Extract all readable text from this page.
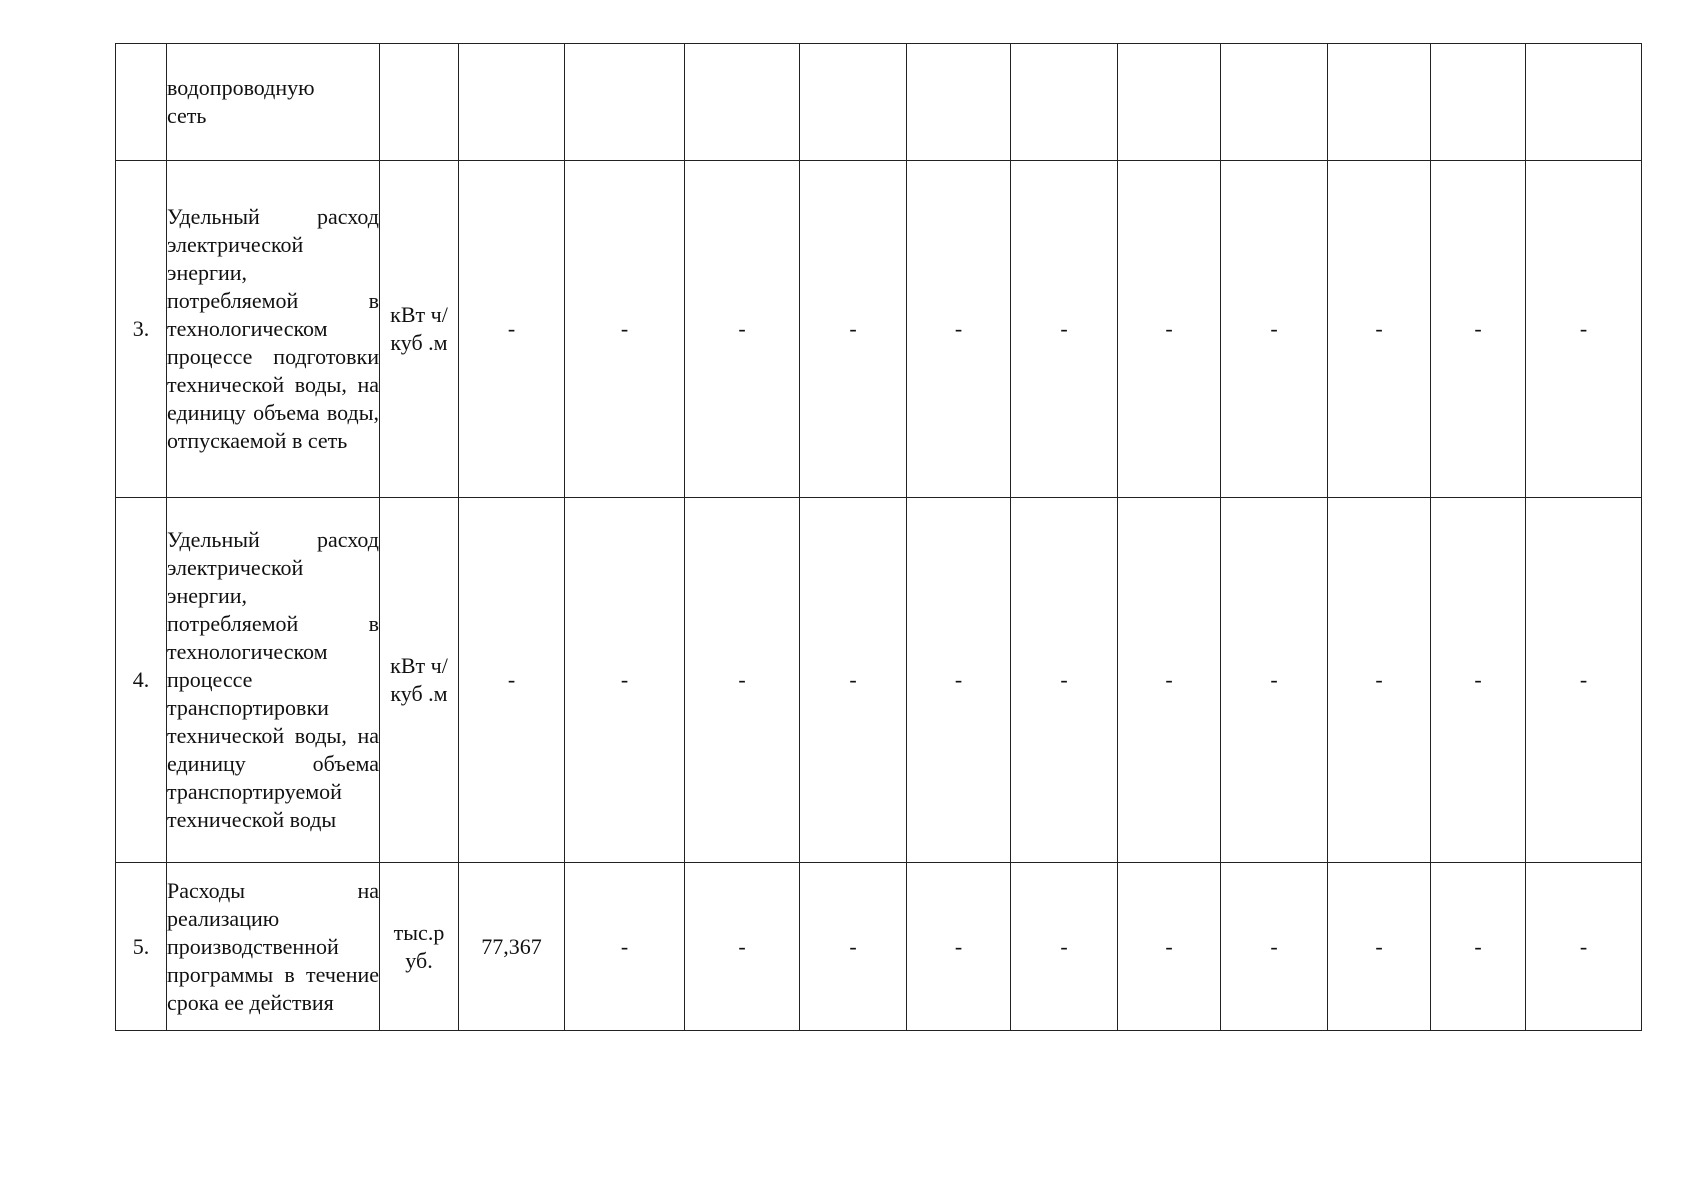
	водопроводную
сеть												

3.	Удельный расход электрической энергии, потребляемой в технологическом процессе подготовки технической воды, на единицу объема воды, отпускаемой в сеть	кВт ч/куб .м	-	-	-	-	-	-	-	-	-	-	-
4.	Удельный расход электрической энергии, потребляемой в технологическом процессе транспортировки технической воды, на единицу объема транспортируемой технической воды	кВт ч/куб .м	-	-	-	-	-	-	-	-	-	-	-
5.	Расходы на реализацию производственной программы в течение срока ее действия	тыс.р уб.	77,367	-	-	-	-	-	-	-	-	-	-
